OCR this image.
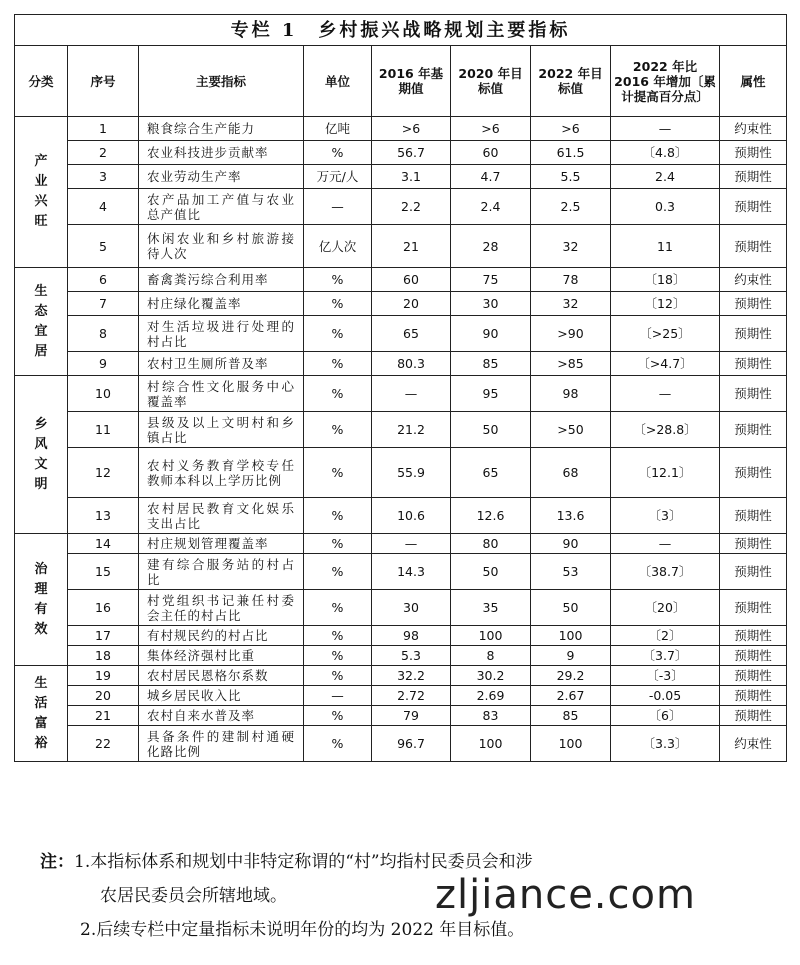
专栏 1　乡村振兴战略规划主要指标								
分类	序号	主要指标	单位	2016 年基期值	2020 年目标值	2022 年目标值	2022 年比 2016 年增加〔累计提高百分点〕	属性
产业兴旺	1	粮食综合生产能力	亿吨	>6	>6	>6	—	约束性
	2	农业科技进步贡献率	%	56.7	60	61.5	〔4.8〕	预期性
	3	农业劳动生产率	万元/人	3.1	4.7	5.5	2.4	预期性
	4	农产品加工产值与农业总产值比	—	2.2	2.4	2.5	0.3	预期性
	5	休闲农业和乡村旅游接待人次	亿人次	21	28	32	11	预期性
生态宜居	6	畜禽粪污综合利用率	%	60	75	78	〔18〕	约束性
	7	村庄绿化覆盖率	%	20	30	32	〔12〕	预期性
	8	对生活垃圾进行处理的村占比	%	65	90	>90	〔>25〕	预期性
	9	农村卫生厕所普及率	%	80.3	85	>85	〔>4.7〕	预期性
乡风文明	10	村综合性文化服务中心覆盖率	%	—	95	98	—	预期性
	11	县级及以上文明村和乡镇占比	%	21.2	50	>50	〔>28.8〕	预期性
	12	农村义务教育学校专任教师本科以上学历比例	%	55.9	65	68	〔12.1〕	预期性
	13	农村居民教育文化娱乐支出占比	%	10.6	12.6	13.6	〔3〕	预期性
治理有效	14	村庄规划管理覆盖率	%	—	80	90	—	预期性
	15	建有综合服务站的村占比	%	14.3	50	53	〔38.7〕	预期性
	16	村党组织书记兼任村委会主任的村占比	%	30	35	50	〔20〕	预期性
	17	有村规民约的村占比	%	98	100	100	〔2〕	预期性
	18	集体经济强村比重	%	5.3	8	9	〔3.7〕	预期性
生活富裕	19	农村居民恩格尔系数	%	32.2	30.2	29.2	〔-3〕	预期性
	20	城乡居民收入比	—	2.72	2.69	2.67	-0.05	预期性
	21	农村自来水普及率	%	79	83	85	〔6〕	预期性
	22	具备条件的建制村通硬化路比例	%	96.7	100	100	〔3.3〕	约束性
注：1.本指标体系和规划中非特定称谓的“村”均指村民委员会和涉
农居民委员会所辖地域。
2.后续专栏中定量指标未说明年份的均为 2022 年目标值。
zljiance.com
